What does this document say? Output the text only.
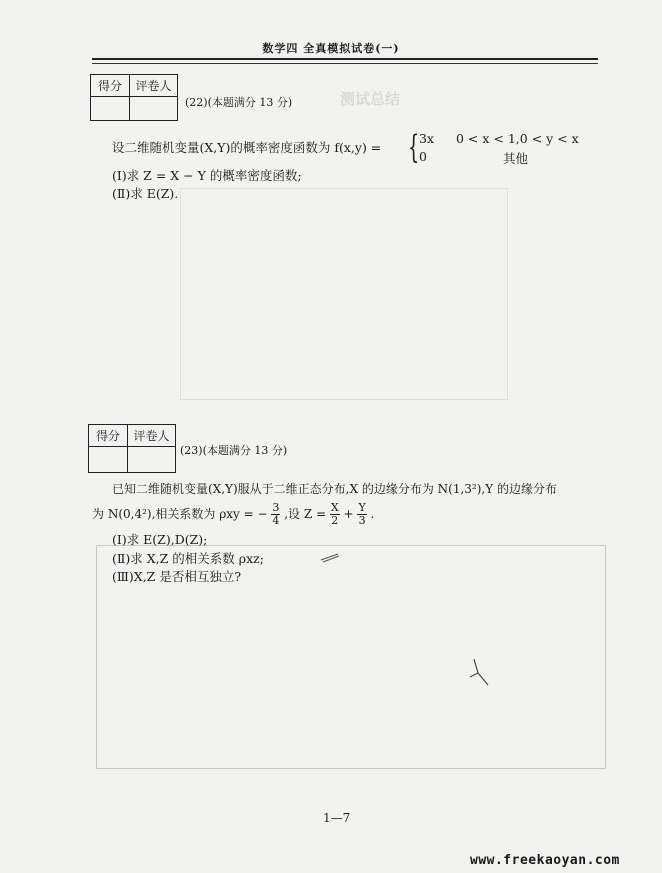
数学四 全真模拟试卷(一)
测试总结
得分	评卷人

(22)(本题满分 13 分)
设二维随机变量(X,Y)的概率密度函数为 f(x,y) = { 3x 0 < x < 1,0 < y < x
0	其他
(Ⅰ)求 Z = X − Y 的概率密度函数;
(Ⅱ)求 E(Z).
得分	评卷人

(23)(本题满分 13 分)
已知二维随机变量(X,Y)服从于二维正态分布,X 的边缘分布为 N(1,3²),Y 的边缘分布
为 N(0,4²),相关系数为 ρxy = − $\frac{3}{4}$ ,设 $Z = \frac{X}{2} + \frac{Y}{3}$ .
(Ⅰ)求 E(Z),D(Z);
(Ⅱ)求 X,Z 的相关系数 ρxz;
(Ⅲ)X,Z 是否相互独立?
1—7
www.freekaoyan.com
